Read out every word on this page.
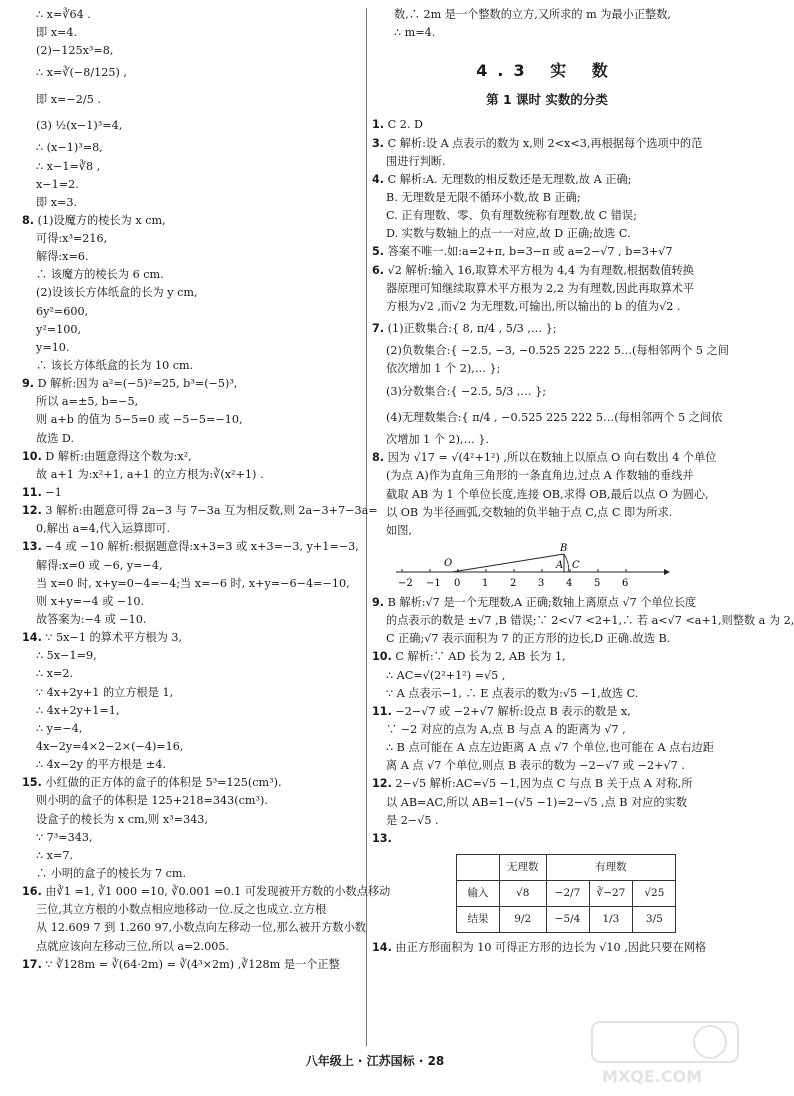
∴ x=∛64 .
即 x=4.
(2)−125x³=8,
∴ x=∛(−8/125) ,
即 x=−2/5 .
(3) ½(x−1)³=4,
∴ (x−1)³=8,
∴ x−1=∛8 ,
x−1=2.
即 x=3.
8. (1)设魔方的棱长为 x cm,
可得:x³=216,
解得:x=6.
∴ 该魔方的棱长为 6 cm.
(2)设该长方体纸盒的长为 y cm,
6y²=600,
y²=100,
y=10.
∴ 该长方体纸盒的长为 10 cm.
9. D 解析:因为 a²=(−5)²=25, b³=(−5)³,
所以 a=±5, b=−5,
则 a+b 的值为 5−5=0 或 −5−5=−10,
故选 D.
10. D 解析:由题意得这个数为:x²,
故 a+1 为:x²+1, a+1 的立方根为:∛(x²+1) .
11. −1
12. 3 解析:由题意可得 2a−3 与 7−3a 互为相反数,则 2a−3+7−3a=
0,解出 a=4,代入运算即可.
13. −4 或 −10 解析:根据题意得:x+3=3 或 x+3=−3, y+1=−3,
解得:x=0 或 −6, y=−4,
当 x=0 时, x+y=0−4=−4;当 x=−6 时, x+y=−6−4=−10,
则 x+y=−4 或 −10.
故答案为:−4 或 −10.
14. ∵ 5x−1 的算术平方根为 3,
∴ 5x−1=9,
∴ x=2.
∵ 4x+2y+1 的立方根是 1,
∴ 4x+2y+1=1,
∴ y=−4,
4x−2y=4×2−2×(−4)=16,
∴ 4x−2y 的平方根是 ±4.
15. 小红做的正方体的盒子的体积是 5³=125(cm³).
则小明的盒子的体积是 125+218=343(cm³).
设盒子的棱长为 x cm,则 x³=343,
∵ 7³=343,
∴ x=7.
∴ 小明的盒子的棱长为 7 cm.
16. 由∛1 =1, ∛1 000 =10, ∛0.001 =0.1 可发现被开方数的小数点移动
三位,其立方根的小数点相应地移动一位.反之也成立.立方根
从 12.609 7 到 1.260 97,小数点向左移动一位,那么被开方数小数
点就应该向左移动三位,所以 a=2.005.
17. ∵ ∛128m = ∛(64·2m) = ∛(4³×2m) ,∛128m 是一个正整
数,∴ 2m 是一个整数的立方,又所求的 m 为最小正整数,
∴ m=4.
4.3 实 数
第 1 课时 实数的分类
1. C 2. D
3. C 解析:设 A 点表示的数为 x,则 2<x<3,再根据每个选项中的范
围进行判断.
4. C 解析:A. 无理数的相反数还是无理数,故 A 正确;
B. 无理数是无限不循环小数,故 B 正确;
C. 正有理数、零、负有理数统称有理数,故 C 错误;
D. 实数与数轴上的点一一对应,故 D 正确;故选 C.
5. 答案不唯一.如:a=2+π, b=3−π 或 a=2−√7 , b=3+√7
6. √2 解析:输入 16,取算术平方根为 4,4 为有理数,根据数值转换
器原理可知继续取算术平方根为 2,2 为有理数,因此再取算术平
方根为√2 ,而√2 为无理数,可输出,所以输出的 b 的值为√2 .
7. (1)正数集合:{ 8, π/4 , 5/3 ,… };
(2)负数集合:{ −2.5, −3, −0.525 225 222 5…(每相邻两个 5 之间
依次增加 1 个 2),… };
(3)分数集合:{ −2.5, 5/3 ,… };
(4)无理数集合:{ π/4 , −0.525 225 222 5…(每相邻两个 5 之间依
次增加 1 个 2),… }.
8. 因为 √17 = √(4²+1²) ,所以在数轴上以原点 O 向右数出 4 个单位
(为点 A)作为直角三角形的一条直角边,过点 A 作数轴的垂线并
截取 AB 为 1 个单位长度,连接 OB,求得 OB,最后以点 O 为圆心,
以 OB 为半径画弧,交数轴的负半轴于点 C,点 C 即为所求.
如图,
−2 −1 0 1 2 3 4 5 6
O	A
B
C
9. B 解析:√7 是一个无理数,A 正确;数轴上离原点 √7 个单位长度
的点表示的数是 ±√7 ,B 错误;∵ 2<√7 <2+1,∴ 若 a<√7 <a+1,则整数 a 为 2,
C 正确;√7 表示面积为 7 的正方形的边长,D 正确.故选 B.
10. C 解析:∵ AD 长为 2, AB 长为 1,
∴ AC=√(2²+1²) =√5 ,
∵ A 点表示−1, ∴ E 点表示的数为:√5 −1,故选 C.
11. −2−√7 或 −2+√7 解析:设点 B 表示的数是 x,
∵ −2 对应的点为 A,点 B 与点 A 的距离为 √7 ,
∴ B 点可能在 A 点左边距离 A 点 √7 个单位,也可能在 A 点右边距
离 A 点 √7 个单位,则点 B 表示的数为 −2−√7 或 −2+√7 .
12. 2−√5 解析:AC=√5 −1,因为点 C 与点 B 关于点 A 对称,所
以 AB=AC,所以 AB=1−(√5 −1)=2−√5 ,点 B 对应的实数
是 2−√5 .
13.
	无理数	有理数		
输入	√8	−2/7	∛−27	√25
结果	9/2	−5/4	1/3	3/5
14. 由正方形面积为 10 可得正方形的边长为 √10 ,因此只要在网格
八年级上 · 江苏国标 · 28
MXQE.COM
